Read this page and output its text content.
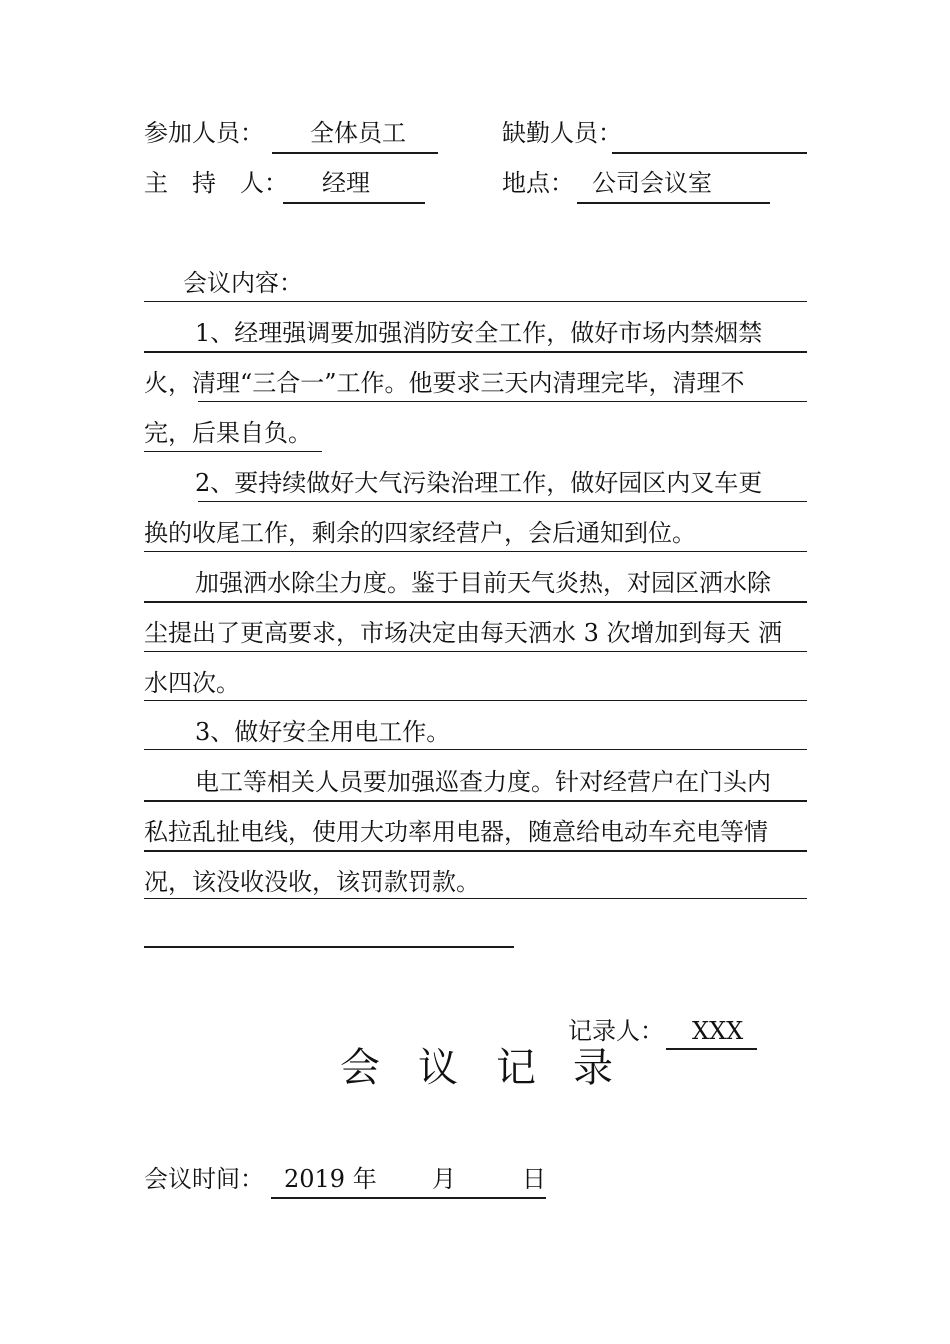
参加人员： 全体员工	缺勤人员：
主　持　人： 经理	地点： 公司会议室
会议内容：
1、经理强调要加强消防安全工作，做好市场内禁烟禁
火，清理“三合一”工作。他要求三天内清理完毕，清理不
完，后果自负。
2、要持续做好大气污染治理工作，做好园区内叉车更
换的收尾工作，剩余的四家经营户，会后通知到位。
加强洒水除尘力度。鉴于目前天气炎热，对园区洒水除
尘提出了更高要求，市场决定由每天洒水 3 次增加到每天 洒
水四次。
3、做好安全用电工作。
电工等相关人员要加强巡查力度。针对经营户在门头内
私拉乱扯电线，使用大功率用电器，随意给电动车充电等情
况，该没收没收，该罚款罚款。
记录人： XXX
会 议 记 录
会议时间： 2019 年 月	日
